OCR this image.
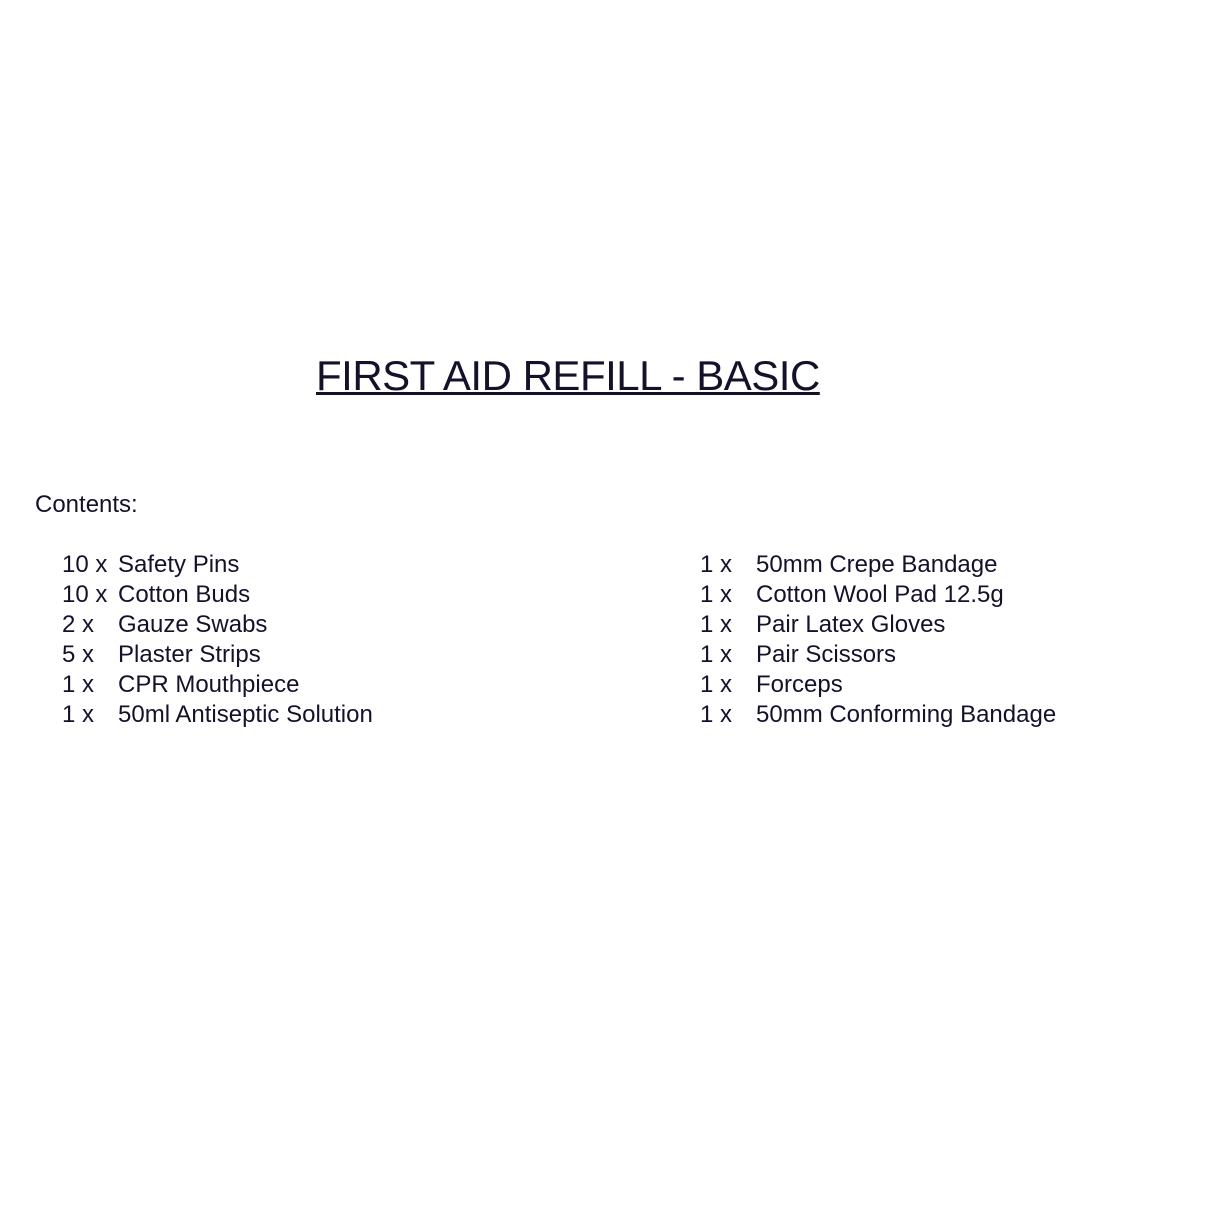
FIRST AID REFILL - BASIC
Contents:
10 x Safety Pins
10 x Cotton Buds
2 x Gauze Swabs
5 x Plaster Strips
1 x CPR Mouthpiece
1 x 50ml Antiseptic Solution
1 x 50mm Crepe Bandage
1 x Cotton Wool Pad 12.5g
1 x Pair Latex Gloves
1 x Pair Scissors
1 x Forceps
1 x 50mm Conforming Bandage
